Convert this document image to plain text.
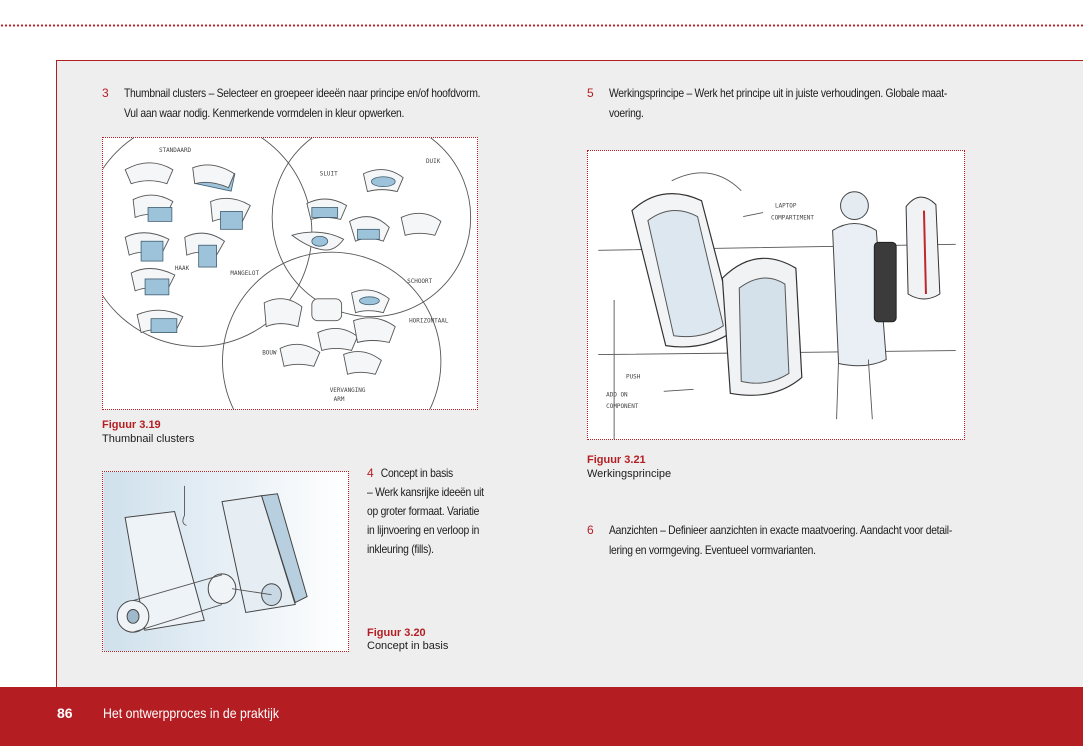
3 Thumbnail clusters – Selecteer en groepeer ideeën naar principe en/of hoofdvorm.
Vul aan waar nodig. Kenmerkende vormdelen in kleur opwerken.
STANDAARD
DUIK
SLUIT
HAAK
MANGELOT
SCHOORT
HORIZONTAAL
BOUW
VERVANGING
ARM
Figuur 3.19
Thumbnail clusters
4 Concept in basis
– Werk kansrijke ideeën uit
op groter formaat. Variatie
in lijnvoering en verloop in
inkleuring (fills).
Figuur 3.20
Concept in basis
5 Werkingsprincipe – Werk het principe uit in juiste verhoudingen. Globale maat-
voering.
LAPTOP
COMPARTIMENT
PUSH
ADD ON
COMPONENT
Figuur 3.21
Werkingsprincipe
6 Aanzichten – Definieer aanzichten in exacte maatvoering. Aandacht voor detail-
lering en vormgeving. Eventueel vormvarianten.
86 Het ontwerpproces in de praktijk
